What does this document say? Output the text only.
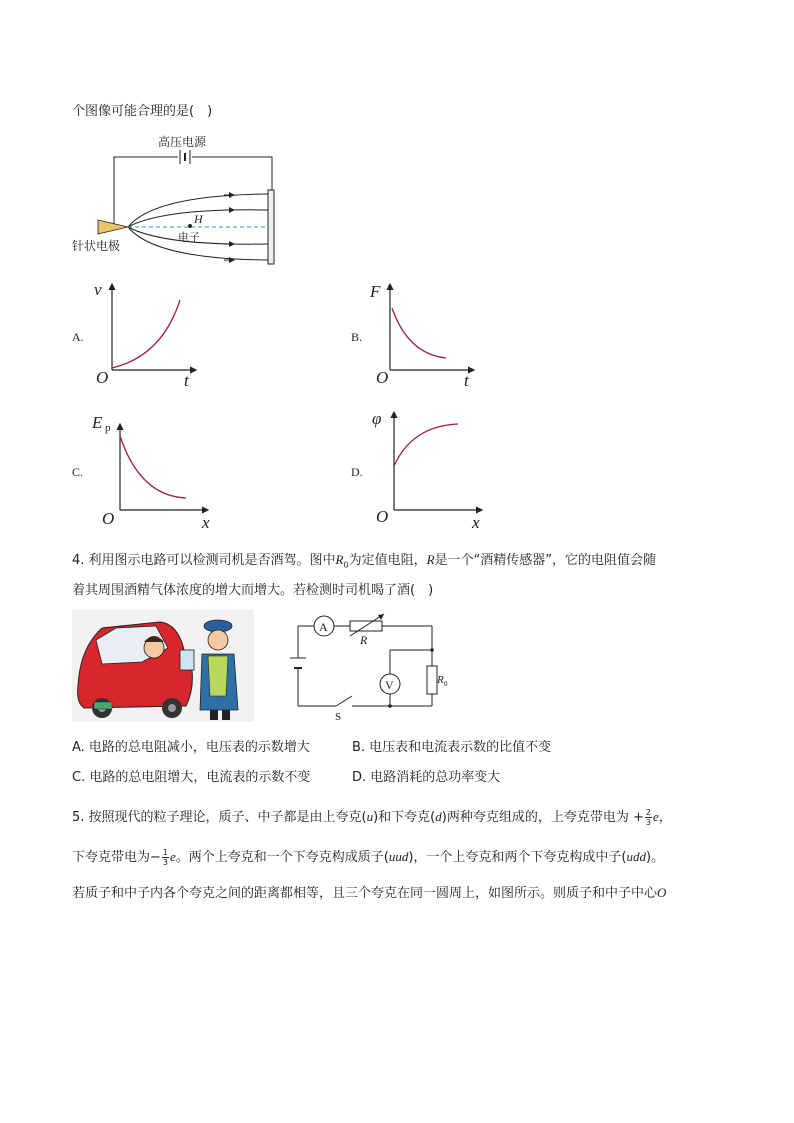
个图像可能合理的是(　)
高压电源
H
电子
针状电极
A.
v
O	t
B.
F
O	t
C.
E p
O	x
D.
φ
O	x
4. 利用图示电路可以检测司机是否酒驾。图中$R_0$为定值电阻，R是一个“酒精传感器”，它的电阻值会随
着其周围酒精气体浓度的增大而增大。若检测时司机喝了酒(　)
A
R
V	R 0
S
A. 电路的总电阻减小，电压表的示数增大	B. 电压表和电流表示数的比值不变
C. 电路的总电阻增大，电流表的示数不变	D. 电路消耗的总功率变大
5. 按照现代的粒子理论，质子、中子都是由上夸克(u)和下夸克(d)两种夸克组成的，上夸克带电为 + $\frac{2}{3}$ e，
下夸克带电为− $\frac{1}{3}$ e。两个上夸克和一个下夸克构成质子(uud)，一个上夸克和两个下夸克构成中子(udd)。
若质子和中子内各个夸克之间的距离都相等，且三个夸克在同一圆周上，如图所示。则质子和中子中心O
